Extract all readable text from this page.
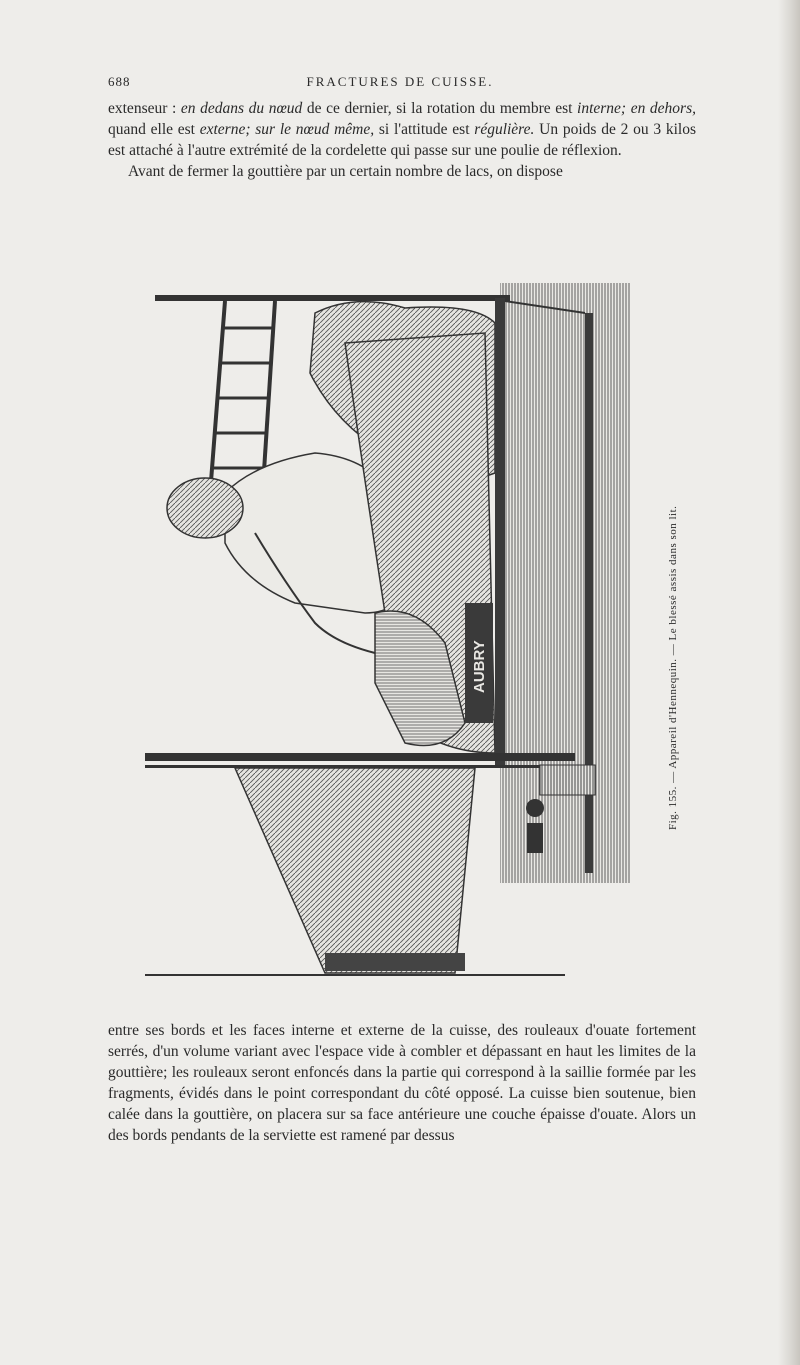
688	FRACTURES DE CUISSE.

extenseur : en dedans du nœud de ce dernier, si la rotation du membre est interne; en dehors, quand elle est externe; sur le nœud même, si l'attitude est régulière. Un poids de 2 ou 3 kilos est attaché à l'autre extrémité de la cordelette qui passe sur une poulie de réflexion.

Avant de fermer la gouttière par un certain nombre de lacs, on dispose

AUBRY	Fig. 155. — Appareil d'Hennequin. — Le blessé assis dans son lit.

entre ses bords et les faces interne et externe de la cuisse, des rouleaux d'ouate fortement serrés, d'un volume variant avec l'espace vide à combler et dépassant en haut les limites de la gouttière; les rouleaux seront enfoncés dans la partie qui correspond à la saillie formée par les fragments, évidés dans le point correspondant du côté opposé. La cuisse bien soutenue, bien calée dans la gouttière, on placera sur sa face antérieure une couche épaisse d'ouate. Alors un des bords pendants de la serviette est ramené par dessus
